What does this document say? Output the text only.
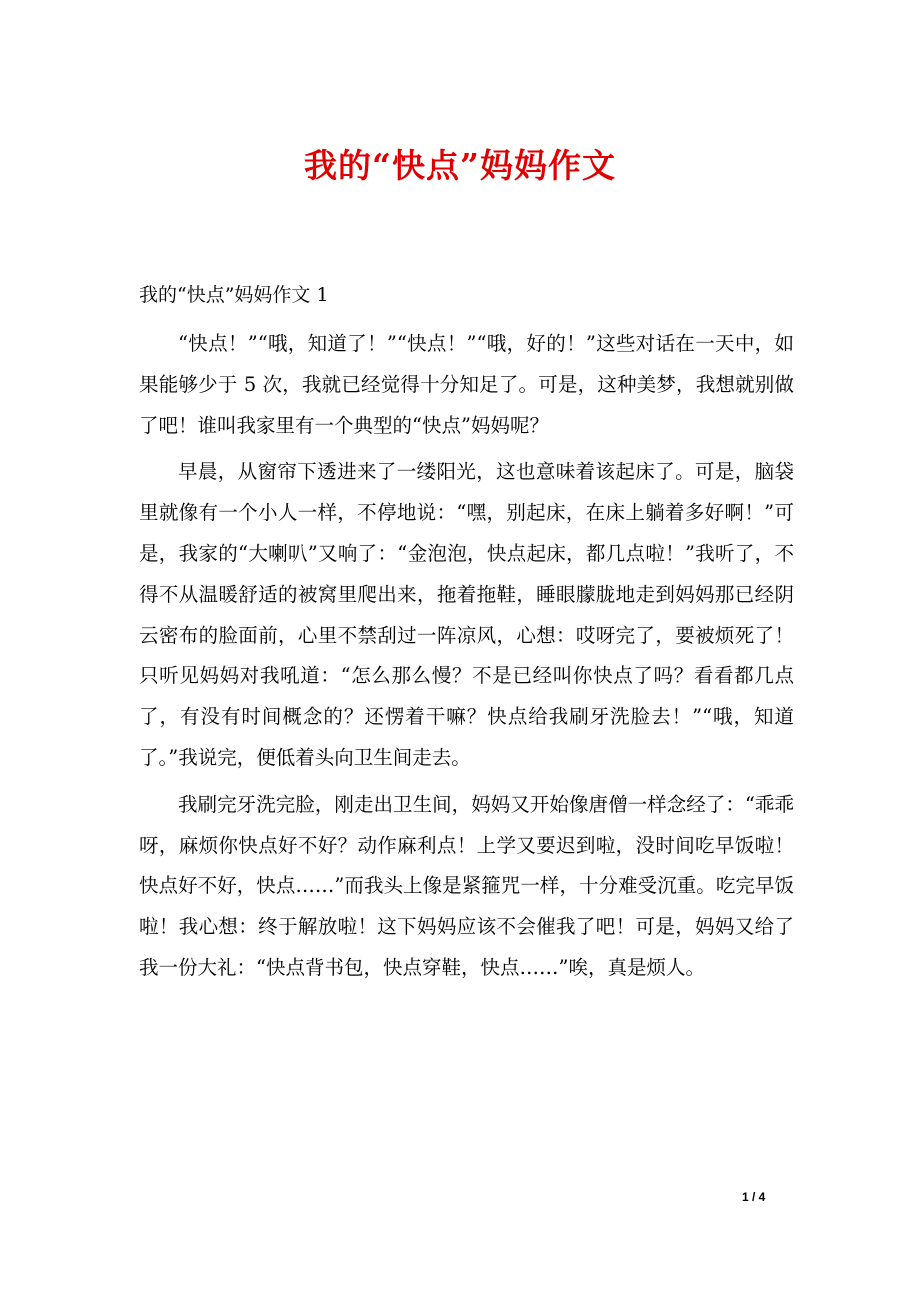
我的“快点”妈妈作文

我的“快点”妈妈作文 1

“快点！”“哦，知道了！”“快点！”“哦，好的！”这些对话在一天中，如果能够少于 5 次，我就已经觉得十分知足了。可是，这种美梦，我想就别做了吧！谁叫我家里有一个典型的“快点”妈妈呢？

早晨，从窗帘下透进来了一缕阳光，这也意味着该起床了。可是，脑袋里就像有一个小人一样，不停地说：“嘿，别起床，在床上躺着多好啊！”可是，我家的“大喇叭”又响了：“金泡泡，快点起床，都几点啦！”我听了，不得不从温暖舒适的被窝里爬出来，拖着拖鞋，睡眼朦胧地走到妈妈那已经阴云密布的脸面前，心里不禁刮过一阵凉风，心想：哎呀完了，要被烦死了！只听见妈妈对我吼道：“怎么那么慢？不是已经叫你快点了吗？看看都几点了，有没有时间概念的？还愣着干嘛？快点给我刷牙洗脸去！”“哦，知道了。”我说完，便低着头向卫生间走去。

我刷完牙洗完脸，刚走出卫生间，妈妈又开始像唐僧一样念经了：“乖乖呀，麻烦你快点好不好？动作麻利点！上学又要迟到啦，没时间吃早饭啦！快点好不好，快点……”而我头上像是紧箍咒一样，十分难受沉重。吃完早饭啦！我心想：终于解放啦！这下妈妈应该不会催我了吧！可是，妈妈又给了我一份大礼：“快点背书包，快点穿鞋，快点……”唉，真是烦人。

1 / 4
